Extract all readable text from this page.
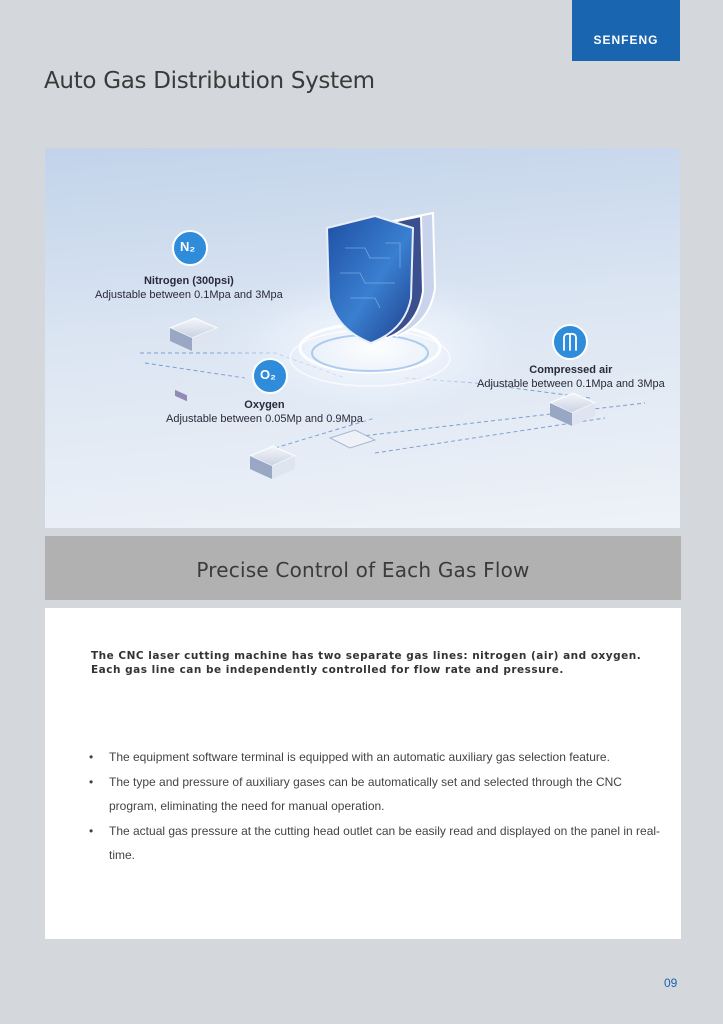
SENFENG
Auto Gas Distribution System
N₂
O₂
Nitrogen (300psi)
Adjustable between 0.1Mpa and 3Mpa
Oxygen
Adjustable between 0.05Mp and 0.9Mpa
Compressed air
Adjustable between 0.1Mpa and 3Mpa
Precise Control of Each Gas Flow
The CNC laser cutting machine has two separate gas lines: nitrogen (air) and oxygen.
Each gas line can be independently controlled for flow rate and pressure.
• The equipment software terminal is equipped with an automatic auxiliary gas selection feature.
• The type and pressure of auxiliary gases can be automatically set and selected through the CNC program, eliminating the need for manual operation.
• The actual gas pressure at the cutting head outlet can be easily read and displayed on the panel in real-time.
09
